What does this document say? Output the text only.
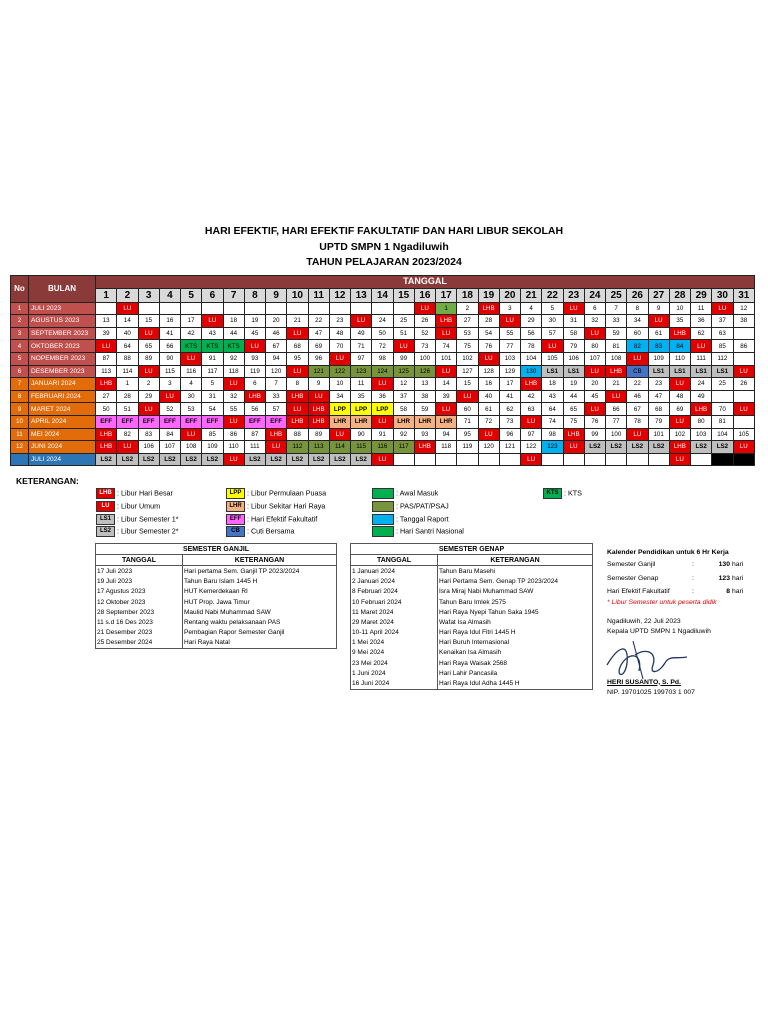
HARI EFEKTIF, HARI EFEKTIF FAKULTATIF DAN HARI LIBUR SEKOLAH
UPTD SMPN 1 Ngadiluwih
TAHUN PELAJARAN 2023/2024
No	BULAN	TANGGAL																														
		1	2	3	4	5	6	7	8	9	10	11	12	13	14	15	16	17	18	19	20	21	22	23	24	25	26	27	28	29	30	31
1	JULI 2023		LU														LU	1	2	LHB	3	4	5	LU	6	7	8	9	10	11	LU	12
2	AGUSTUS 2023	13	14	15	16	17	LU	18	19	20	21	22	23	LU	24	25	26	LHB	27	28	LU	29	30	31	32	33	34	LU	35	36	37	38
3	SEPTEMBER 2023	39	40	LU	41	42	43	44	45	46	LU	47	48	49	50	51	52	LU	53	54	55	56	57	58	LU	59	60	61	LHB	62	63	
4	OKTOBER 2023	LU	64	65	66	KTS	KTS	KTS	LU	67	68	69	70	71	72	LU	73	74	75	76	77	78	LU	79	80	81	82	83	84	LU	85	86
5	NOPEMBER 2023	87	88	89	90	LU	91	92	93	94	95	96	LU	97	98	99	100	101	102	LU	103	104	105	106	107	108	LU	109	110	111	112	
6	DESEMBER 2023	113	114	LU	115	116	117	118	119	120	LU	121	122	123	124	125	126	LU	127	128	129	130	LS1	LS1	LU	LHB	CB	LS1	LS1	LS1	LS1	LU
7	JANUARI 2024	LHB	1	2	3	4	5	LU	6	7	8	9	10	11	LU	12	13	14	15	16	17	LHB	18	19	20	21	22	23	LU	24	25	26
8	FEBRUARI 2024	27	28	29	LU	30	31	32	LHB	33	LHB	LU	34	35	36	37	38	39	LU	40	41	42	43	44	45	LU	46	47	48	49		
9	MARET 2024	50	51	LU	52	53	54	55	56	57	LU	LHB	LPP	LPP	LPP	58	59	LU	60	61	62	63	64	65	LU	66	67	68	69	LHB	70	LU
10	APRIL 2024	EFF	EFF	EFF	EFF	EFF	EFF	LU	EFF	EFF	LHB	LHB	LHR	LHR	LU	LHR	LHR	LHR	71	72	73	LU	74	75	76	77	78	79	LU	80	81	
11	MEI 2024	LHB	82	83	84	LU	85	86	87	LHB	88	89	LU	90	91	92	93	94	95	LU	96	97	98	LHB	99	100	LU	101	102	103	104	105
12	JUNI 2024	LHB	LU	106	107	108	109	110	111	LU	112	113	114	115	116	117	LHB	118	119	120	121	122	123	LU	LS2	LS2	LS2	LS2	LHB	LS2	LS2	LU
	JULI 2024	LS2	LS2	LS2	LS2	LS2	LS2	LU	LS2	LS2	LS2	LS2	LS2	LS2	LU							LU							LU			
KETERANGAN:
LHB : Libur Hari Besar
LU : Libur Umum
LS1 : Libur Semester 1*
LS2 : Libur Semester 2*
LPP : Libur Permulaan Puasa
LHR : Libur Sekitar Hari Raya
EFF : Hari Efektif Fakultatif
CB : Cuti Bersama
: Awal Masuk
: PAS/PAT/PSAJ
: Tanggal Raport
: Hari Santri Nasional
KTS : KTS
SEMESTER GANJIL	
TANGGAL	KETERANGAN
17 Juli 2023	Hari pertama Sem. Ganjil TP 2023/2024
19 Juli 2023	Tahun Baru Islam 1445 H
17 Agustus 2023	HUT Kemerdekaan RI
12 Oktober 2023	HUT Prop. Jawa Timur
28 September 2023	Maulid Nabi Muhammad SAW
11 s.d 16 Des 2023	Rentang waktu pelaksanaan PAS
21 Desember 2023	Pembagian Rapor Semester Ganjil
25 Desember 2024	Hari Raya Natal
SEMESTER GENAP	
TANGGAL	KETERANGAN
1 Januari 2024	Tahun Baru Masehi
2 Januari 2024	Hari Pertama Sem. Genap TP 2023/2024
8 Februari 2024	Isra Miraj Nabi Muhammad SAW
10 Februari 2024	Tahun Baru Imlek 2575
11 Maret 2024	Hari Raya Nyepi Tahun Saka 1945
29 Maret 2024	Wafat Isa Almasih
10-11 April 2024	Hari Raya Idul Fitri 1445 H
1 Mei 2024	Hari Buruh Internasional
9 Mei 2024	Kenaikan Isa Almasih
23 Mei 2024	Hari Raya Waisak 2568
1 Juni 2024	Hari Lahir Pancasila
16 Juni 2024	Hari Raya Idul Adha 1445 H
Kalender Pendidikan untuk 6 Hr Kerja
Semester Ganjil	:	130 hari
Semester Genap	:	123 hari
Hari Efektif Fakultatif	:	8 hari
* Libur Semester untuk peserta didik
Ngadiluwih, 22 Juli 2023
Kepala UPTD SMPN 1 Ngadiluwih
HERI SUSANTO, S. Pd.
NIP. 19701025 199703 1 007
